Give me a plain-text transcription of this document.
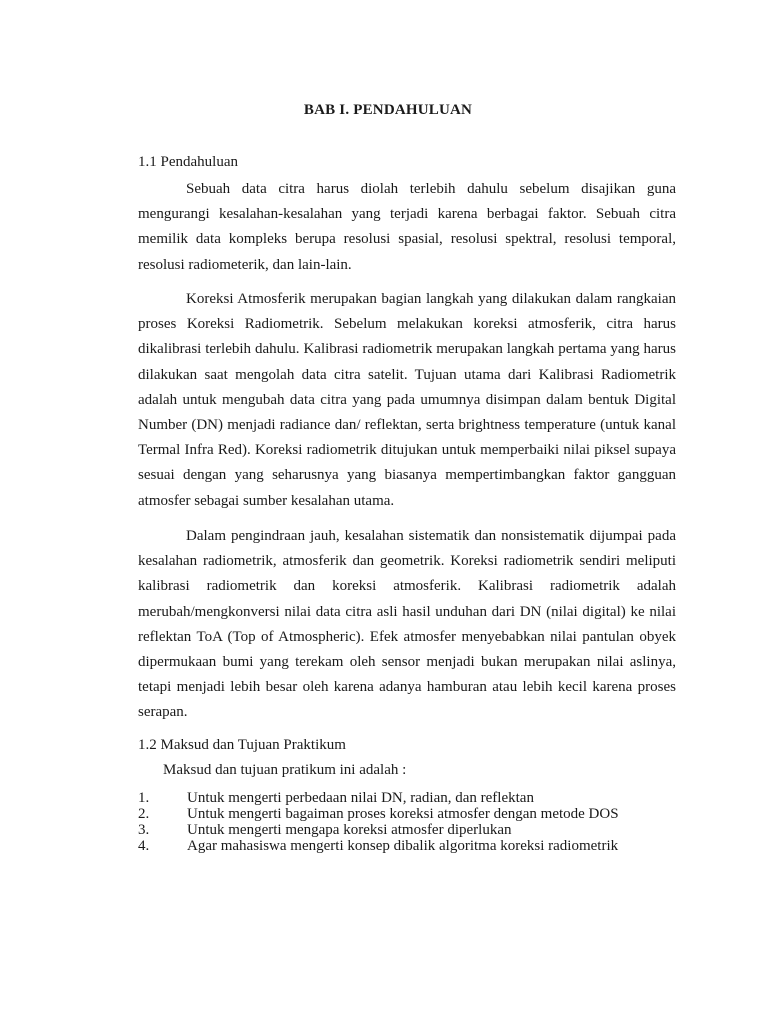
BAB I. PENDAHULUAN
1.1 Pendahuluan

Sebuah data citra harus diolah terlebih dahulu sebelum disajikan guna mengurangi kesalahan-kesalahan yang terjadi karena berbagai faktor. Sebuah citra memilik data kompleks berupa resolusi spasial, resolusi spektral, resolusi temporal, resolusi radiometerik, dan lain-lain.

Koreksi Atmosferik merupakan bagian langkah yang dilakukan dalam rangkaian proses Koreksi Radiometrik. Sebelum melakukan koreksi atmosferik, citra harus dikalibrasi terlebih dahulu. Kalibrasi radiometrik merupakan langkah pertama yang harus dilakukan saat mengolah data citra satelit. Tujuan utama dari Kalibrasi Radiometrik adalah untuk mengubah data citra yang pada umumnya disimpan dalam bentuk Digital Number (DN) menjadi radiance dan/ reflektan, serta brightness temperature (untuk kanal Termal Infra Red). Koreksi radiometrik ditujukan untuk memperbaiki nilai piksel supaya sesuai dengan yang seharusnya yang biasanya mempertimbangkan faktor gangguan atmosfer sebagai sumber kesalahan utama.

Dalam pengindraan jauh, kesalahan sistematik dan nonsistematik dijumpai pada kesalahan radiometrik, atmosferik dan geometrik. Koreksi radiometrik sendiri meliputi kalibrasi radiometrik dan koreksi atmosferik. Kalibrasi radiometrik adalah merubah/mengkonversi nilai data citra asli hasil unduhan dari DN (nilai digital) ke nilai reflektan ToA (Top of Atmospheric). Efek atmosfer menyebabkan nilai pantulan obyek dipermukaan bumi yang terekam oleh sensor menjadi bukan merupakan nilai aslinya, tetapi menjadi lebih besar oleh karena adanya hamburan atau lebih kecil karena proses serapan.

1.2 Maksud dan Tujuan Praktikum
Maksud dan tujuan pratikum ini adalah :
1.	Untuk mengerti perbedaan nilai DN, radian, dan reflektan
2.	Untuk mengerti bagaiman proses koreksi atmosfer dengan metode DOS
3.	Untuk mengerti mengapa koreksi atmosfer diperlukan
4.	Agar mahasiswa mengerti konsep dibalik algoritma koreksi radiometrik
